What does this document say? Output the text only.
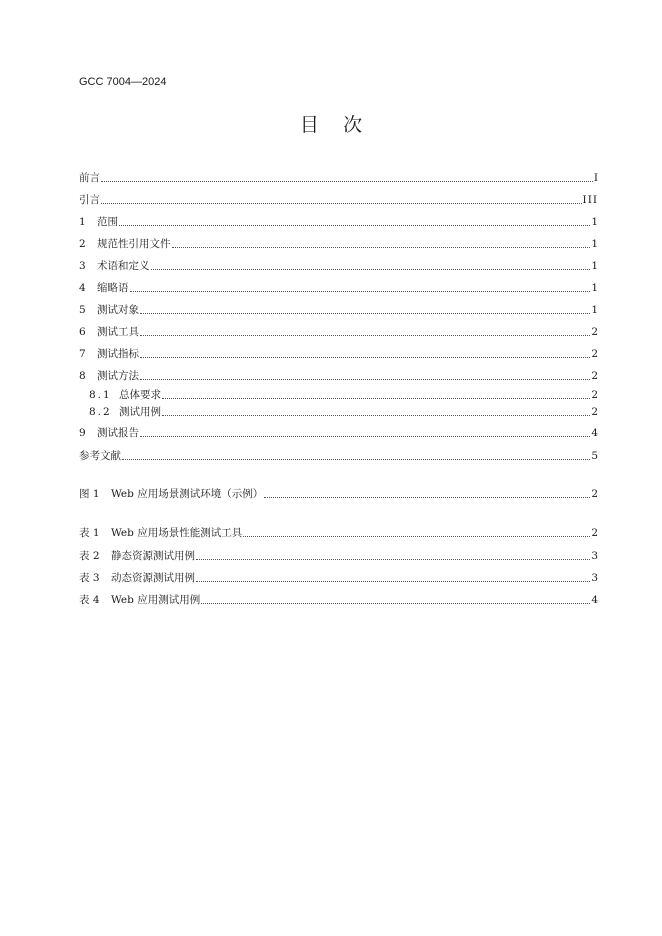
GCC 7004—2024
目    次
前言	I
引言	III
1 范围	1
2 规范性引用文件	1
3 术语和定义	1
4 缩略语	1
5 测试对象	1
6 测试工具	2
7 测试指标	2
8 测试方法	2
8.1 总体要求	2
8.2 测试用例	2
9 测试报告	4
参考文献	5
图 1 Web 应用场景测试环境（示例）	2
表 1 Web 应用场景性能测试工具	2
表 2 静态资源测试用例	3
表 3 动态资源测试用例	3
表 4 Web 应用测试用例	4
